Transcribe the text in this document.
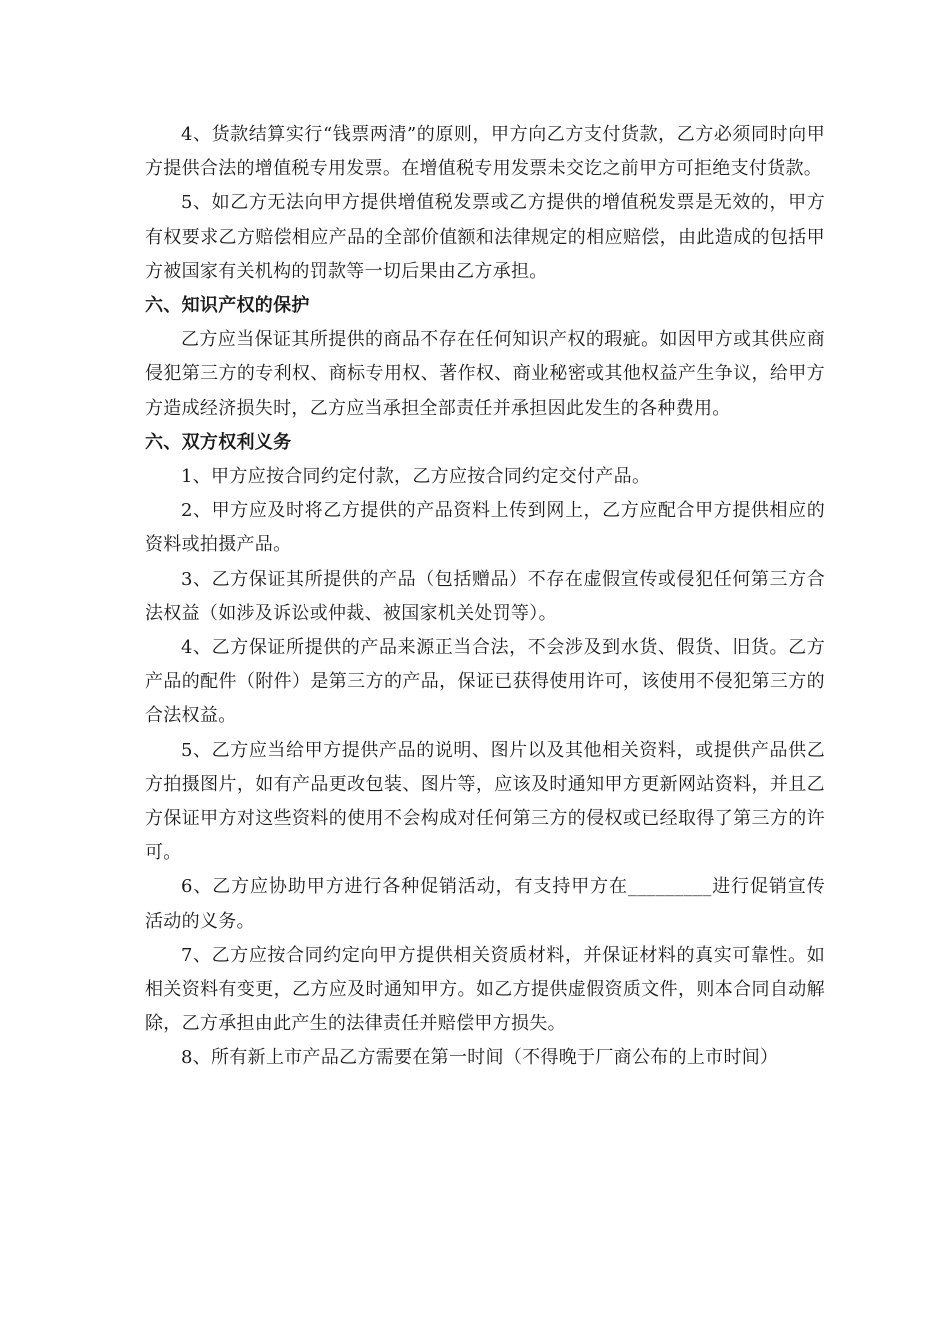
4、货款结算实行“钱票两清”的原则，甲方向乙方支付货款，乙方必须同时向甲方提供合法的增值税专用发票。在增值税专用发票未交讫之前甲方可拒绝支付货款。

5、如乙方无法向甲方提供增值税发票或乙方提供的增值税发票是无效的，甲方有权要求乙方赔偿相应产品的全部价值额和法律规定的相应赔偿，由此造成的包括甲方被国家有关机构的罚款等一切后果由乙方承担。

六、知识产权的保护

乙方应当保证其所提供的商品不存在任何知识产权的瑕疵。如因甲方或其供应商侵犯第三方的专利权、商标专用权、著作权、商业秘密或其他权益产生争议，给甲方方造成经济损失时，乙方应当承担全部责任并承担因此发生的各种费用。

六、双方权利义务

1、甲方应按合同约定付款，乙方应按合同约定交付产品。

2、甲方应及时将乙方提供的产品资料上传到网上，乙方应配合甲方提供相应的资料或拍摄产品。

3、乙方保证其所提供的产品（包括赠品）不存在虚假宣传或侵犯任何第三方合法权益（如涉及诉讼或仲裁、被国家机关处罚等）。

4、乙方保证所提供的产品来源正当合法，不会涉及到水货、假货、旧货。乙方产品的配件（附件）是第三方的产品，保证已获得使用许可，该使用不侵犯第三方的合法权益。

5、乙方应当给甲方提供产品的说明、图片以及其他相关资料，或提供产品供乙方拍摄图片，如有产品更改包装、图片等，应该及时通知甲方更新网站资料，并且乙方保证甲方对这些资料的使用不会构成对任何第三方的侵权或已经取得了第三方的许可。

6、乙方应协助甲方进行各种促销活动，有支持甲方在_________进行促销宣传活动的义务。

7、乙方应按合同约定向甲方提供相关资质材料，并保证材料的真实可靠性。如相关资料有变更，乙方应及时通知甲方。如乙方提供虚假资质文件，则本合同自动解除，乙方承担由此产生的法律责任并赔偿甲方损失。

8、所有新上市产品乙方需要在第一时间（不得晚于厂商公布的上市时间）
